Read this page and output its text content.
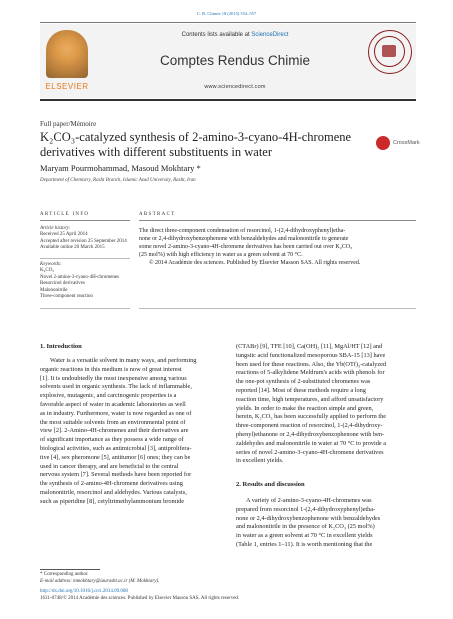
C. R. Chimie 18 (2015) 554–557
ELSEVIER
Contents lists available at ScienceDirect
Comptes Rendus Chimie
www.sciencedirect.com
Full paper/Mémoire
K₂CO₃-catalyzed synthesis of 2-amino-3-cyano-4H-chromene
derivatives with different substituents in water
CrossMark
Maryam Pourmohammad, Masoud Mokhtary *
Department of Chemistry, Rasht Branch, Islamic Azad University, Rasht, Iran
ARTICLE INFO
Article history:
Received 25 April 2014
Accepted after revision 25 September 2014
Available online 20 March 2015
Keywords:
K₂CO₃
Novel 2-amino-3-cyano-4H-chromenes
Resorcinol derivatives
Malononitrile
Three-component reaction
ABSTRACT
The direct three-component condensation of resorcinol, 1-(2,4-dihydroxyphenyl)etha-
none or 2,4-dihydroxybenzophenone with benzaldehydes and malononitrile to generate
some novel 2-amino-3-cyano-4H-chromene derivatives has been carried out over K₂CO₃
(25 mol%) with high efficiency in water as a green solvent at 70 °C.
© 2014 Académie des sciences. Published by Elsevier Masson SAS. All rights reserved.
1. Introduction
Water is a versatile solvent in many ways, and performing
organic reactions in this medium is now of great interest
[1]. It is undoubtedly the most inexpensive among various
solvents used in organic synthesis. The lack of inflammable,
explosive, mutagenic, and carcinogenic properties is a
favorable aspect of water in academic laboratories as well
as in industry. Furthermore, water is now regarded as one of
the most suitable solvents from an environmental point of
view [2]. 2-Amino-4H-chromenes and their derivatives are
of significant importance as they possess a wide range of
biological activities, such as antimicrobial [3], antiprolifera-
tive [4], sex pheromone [5], antitumor [6] ones; they can be
used in cancer therapy, and are beneficial to the central
nervous system [7]. Several methods have been reported for
the synthesis of 2-amino-4H-chromene derivatives using
malononitrile, resorcinol and aldehydes. Various catalysts,
such as piperidine [8], cetyltrimethylammonium bromide
(CTABr) [9], TFE [10], Ca(OH)₂ [11], MgAl/HT [12] and
tungstic acid functionalized mesoporous SBA-15 [13] have
been used for these reactions. Also, the Yb(OTf)₃-catalyzed
reactions of 5-alkylidene Meldrum's acids with phenols for
the one-pot synthesis of 2-substituted chromenes was
reported [14]. Most of these methods require a long
reaction time, high temperatures, and afford unsatisfactory
yields. In order to make the reaction simple and green,
herein, K₂CO₃ has been successfully applied to perform the
three-component reaction of resorcinol, 1-(2,4-dihydroxy-
phenyl)ethanone or 2,4-dihydroxybenzophenone with ben-
zaldehydes and malononitrile in water at 70 °C to provide a
series of novel 2-amino-3-cyano-4H-chromene derivatives
in excellent yields.
2. Results and discussion
A variety of 2-amino-3-cyano-4H-chromenes was
prepared from resorcinol 1-(2,4-dihydroxyphenyl)etha-
none or 2,4-dihydroxybenzophenone with benzaldehydes
and malononitrile in the presence of K₂CO₃ (25 mol%)
in water as a green solvent at 70 °C in excellent yields
(Table 1, entries 1–11). It is worth mentioning that the
* Corresponding author.
E-mail address: mmokhtary@iaurasht.ac.ir (M. Mokhtary).
http://dx.doi.org/10.1016/j.crci.2014.09.008
1631-0748/© 2014 Académie des sciences. Published by Elsevier Masson SAS. All rights reserved.
